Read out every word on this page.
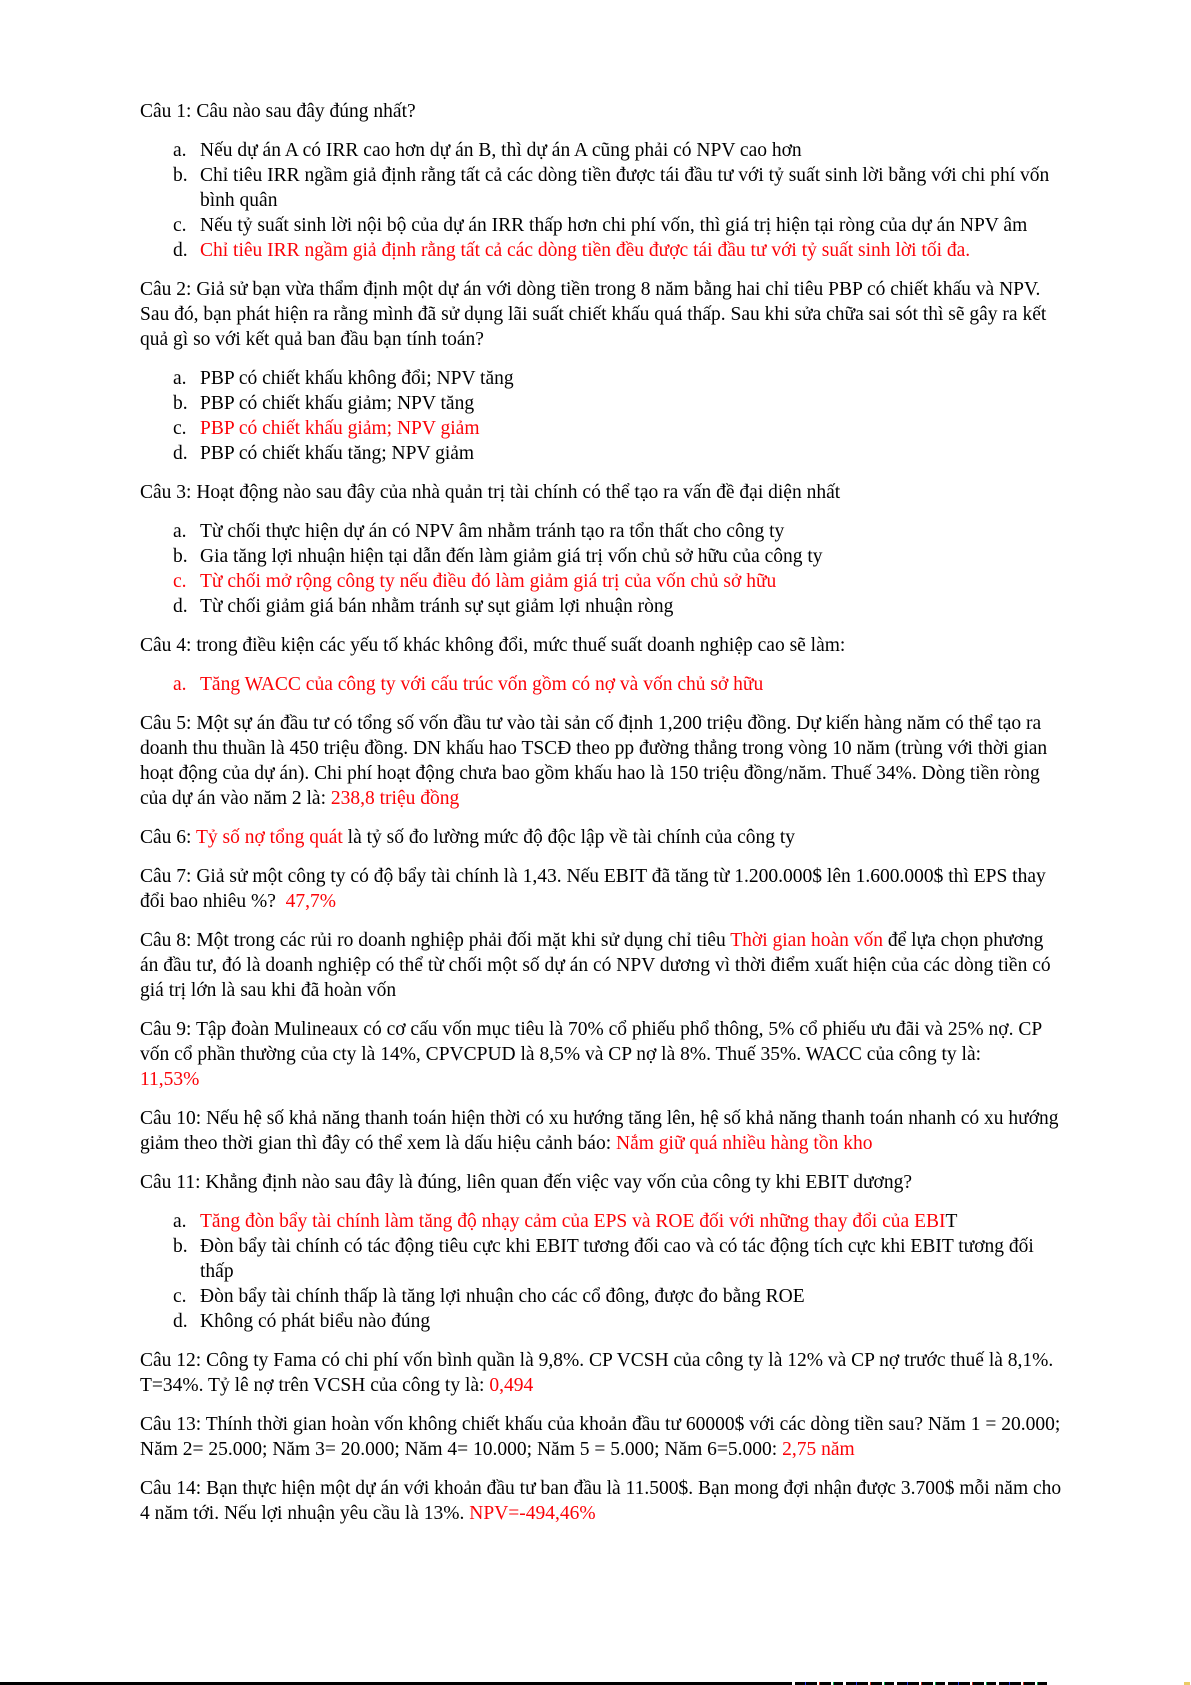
Câu 1: Câu nào sau đây đúng nhất?

a. Nếu dự án A có IRR cao hơn dự án B, thì dự án A cũng phải có NPV cao hơn
b. Chỉ tiêu IRR ngầm giả định rằng tất cả các dòng tiền được tái đầu tư với tỷ suất sinh lời bằng với chi phí vốn bình quân
c. Nếu tỷ suất sinh lời nội bộ của dự án IRR thấp hơn chi phí vốn, thì giá trị hiện tại ròng của dự án NPV âm
d. Chỉ tiêu IRR ngầm giả định rằng tất cả các dòng tiền đều được tái đầu tư với tỷ suất sinh lời tối đa.

Câu 2: Giả sử bạn vừa thẩm định một dự án với dòng tiền trong 8 năm bằng hai chỉ tiêu PBP có chiết khấu và NPV. Sau đó, bạn phát hiện ra rằng mình đã sử dụng lãi suất chiết khấu quá thấp. Sau khi sửa chữa sai sót thì sẽ gây ra kết quả gì so với kết quả ban đầu bạn tính toán?

a. PBP có chiết khấu không đổi; NPV tăng
b. PBP có chiết khấu giảm; NPV tăng
c. PBP có chiết khấu giảm; NPV giảm
d. PBP có chiết khấu tăng; NPV giảm

Câu 3: Hoạt động nào sau đây của nhà quản trị tài chính có thể tạo ra vấn đề đại diện nhất

a. Từ chối thực hiện dự án có NPV âm nhằm tránh tạo ra tổn thất cho công ty
b. Gia tăng lợi nhuận hiện tại dẫn đến làm giảm giá trị vốn chủ sở hữu của công ty
c. Từ chối mở rộng công ty nếu điều đó làm giảm giá trị của vốn chủ sở hữu
d. Từ chối giảm giá bán nhằm tránh sự sụt giảm lợi nhuận ròng

Câu 4: trong điều kiện các yếu tố khác không đổi, mức thuế suất doanh nghiệp cao sẽ làm:

a. Tăng WACC của công ty với cấu trúc vốn gồm có nợ và vốn chủ sở hữu

Câu 5: Một sự án đầu tư có tổng số vốn đầu tư vào tài sản cố định 1,200 triệu đồng. Dự kiến hàng năm có thể tạo ra doanh thu thuần là 450 triệu đồng. DN khấu hao TSCĐ theo pp đường thẳng trong vòng 10 năm (trùng với thời gian hoạt động của dự án). Chi phí hoạt động chưa bao gồm khấu hao là 150 triệu đồng/năm. Thuế 34%. Dòng tiền ròng của dự án vào năm 2 là: 238,8 triệu đồng

Câu 6: Tỷ số nợ tổng quát là tỷ số đo lường mức độ độc lập về tài chính của công ty

Câu 7: Giả sử một công ty có độ bẩy tài chính là 1,43. Nếu EBIT đã tăng từ 1.200.000$ lên 1.600.000$ thì EPS thay đổi bao nhiêu %?  47,7%

Câu 8: Một trong các rủi ro doanh nghiệp phải đối mặt khi sử dụng chỉ tiêu Thời gian hoàn vốn để lựa chọn phương án đầu tư, đó là doanh nghiệp có thể từ chối một số dự án có NPV dương vì thời điểm xuất hiện của các dòng tiền có giá trị lớn là sau khi đã hoàn vốn

Câu 9: Tập đoàn Mulineaux có cơ cấu vốn mục tiêu là 70% cổ phiếu phổ thông, 5% cổ phiếu ưu đãi và 25% nợ. CP vốn cổ phần thường của cty là 14%, CPVCPUD là 8,5% và CP nợ là 8%. Thuế 35%. WACC của công ty là:
11,53%

Câu 10: Nếu hệ số khả năng thanh toán hiện thời có xu hướng tăng lên, hệ số khả năng thanh toán nhanh có xu hướng giảm theo thời gian thì đây có thể xem là dấu hiệu cảnh báo: Nắm giữ quá nhiều hàng tồn kho

Câu 11: Khẳng định nào sau đây là đúng, liên quan đến việc vay vốn của công ty khi EBIT dương?

a. Tăng đòn bẩy tài chính làm tăng độ nhạy cảm của EPS và ROE đối với những thay đổi của EBIT
b. Đòn bẩy tài chính có tác động tiêu cực khi EBIT tương đối cao và có tác động tích cực khi EBIT tương đối thấp
c. Đòn bẩy tài chính thấp là tăng lợi nhuận cho các cổ đông, được đo bằng ROE
d. Không có phát biểu nào đúng

Câu 12: Công ty Fama có chi phí vốn bình quần là 9,8%. CP VCSH của công ty là 12% và CP nợ trước thuế là 8,1%. T=34%. Tỷ lê nợ trên VCSH của công ty là: 0,494

Câu 13: Thính thời gian hoàn vốn không chiết khấu của khoản đầu tư 60000$ với các dòng tiền sau? Năm 1 = 20.000; Năm 2= 25.000; Năm 3= 20.000; Năm 4= 10.000; Năm 5 = 5.000; Năm 6=5.000: 2,75 năm

Câu 14: Bạn thực hiện một dự án với khoản đầu tư ban đầu là 11.500$. Bạn mong đợi nhận được 3.700$ mỗi năm cho 4 năm tới. Nếu lợi nhuận yêu cầu là 13%. NPV=-494,46%
